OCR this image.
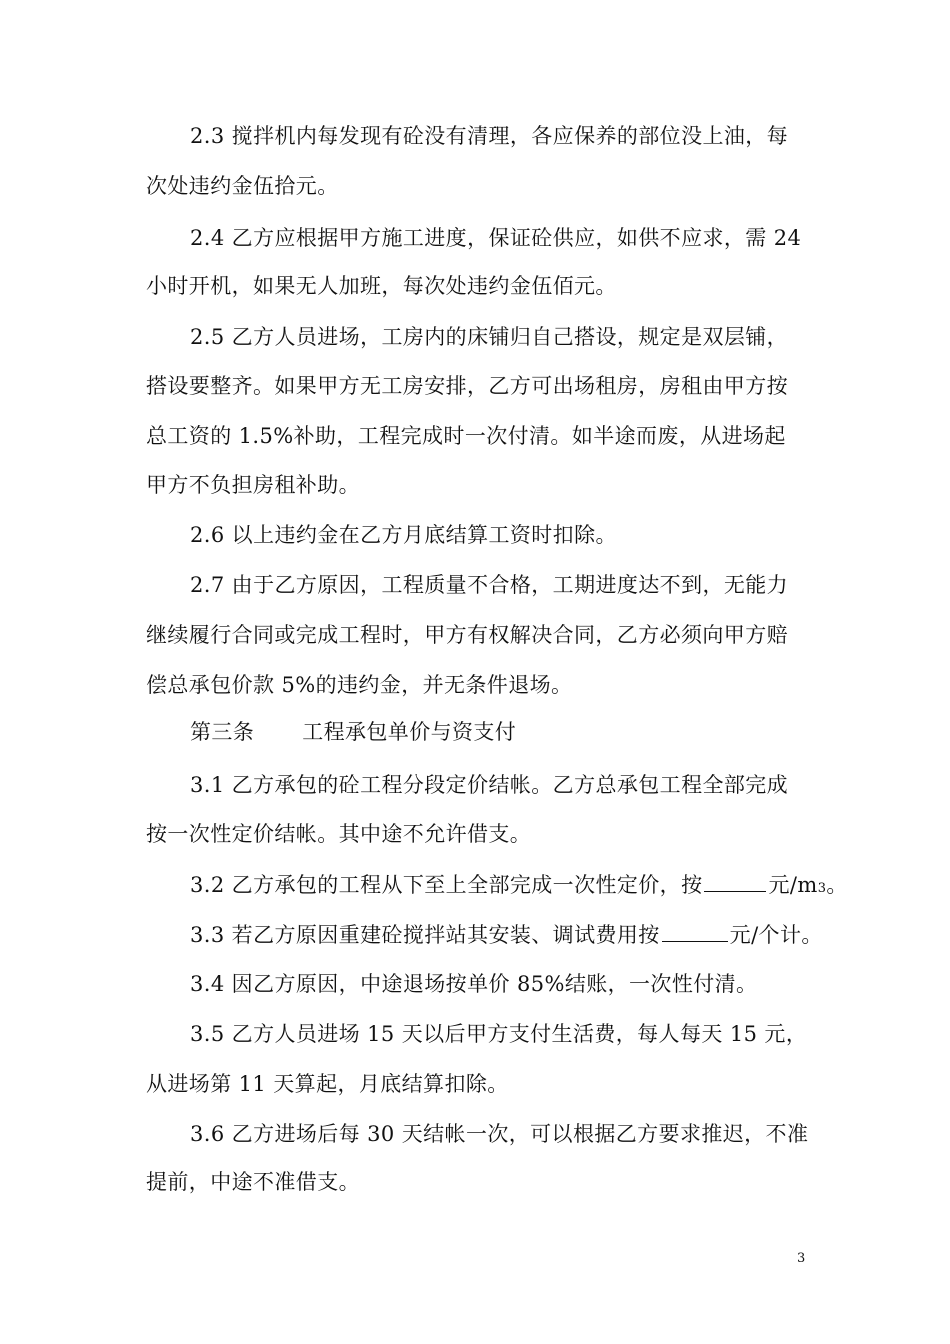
2.3 搅拌机内每发现有砼没有清理，各应保养的部位没上油，每
次处违约金伍拾元。
2.4 乙方应根据甲方施工进度，保证砼供应，如供不应求，需 24
小时开机，如果无人加班，每次处违约金伍佰元。
2.5 乙方人员进场，工房内的床铺归自己搭设，规定是双层铺，
搭设要整齐。如果甲方无工房安排，乙方可出场租房，房租由甲方按
总工资的 1.5%补助，工程完成时一次付清。如半途而废，从进场起
甲方不负担房租补助。
2.6 以上违约金在乙方月底结算工资时扣除。
2.7 由于乙方原因，工程质量不合格，工期进度达不到，无能力
继续履行合同或完成工程时，甲方有权解决合同，乙方必须向甲方赔
偿总承包价款 5%的违约金，并无条件退场。
第三条 工程承包单价与资支付
3.1 乙方承包的砼工程分段定价结帐。乙方总承包工程全部完成
按一次性定价结帐。其中途不允许借支。
3.2 乙方承包的工程从下至上全部完成一次性定价，按	元/m3。
3.3 若乙方原因重建砼搅拌站其安装、调试费用按	元/个计。
3.4 因乙方原因，中途退场按单价 85%结账，一次性付清。
3.5 乙方人员进场 15 天以后甲方支付生活费，每人每天 15 元，
从进场第 11 天算起，月底结算扣除。
3.6 乙方进场后每 30 天结帐一次，可以根据乙方要求推迟，不准
提前，中途不准借支。
3
